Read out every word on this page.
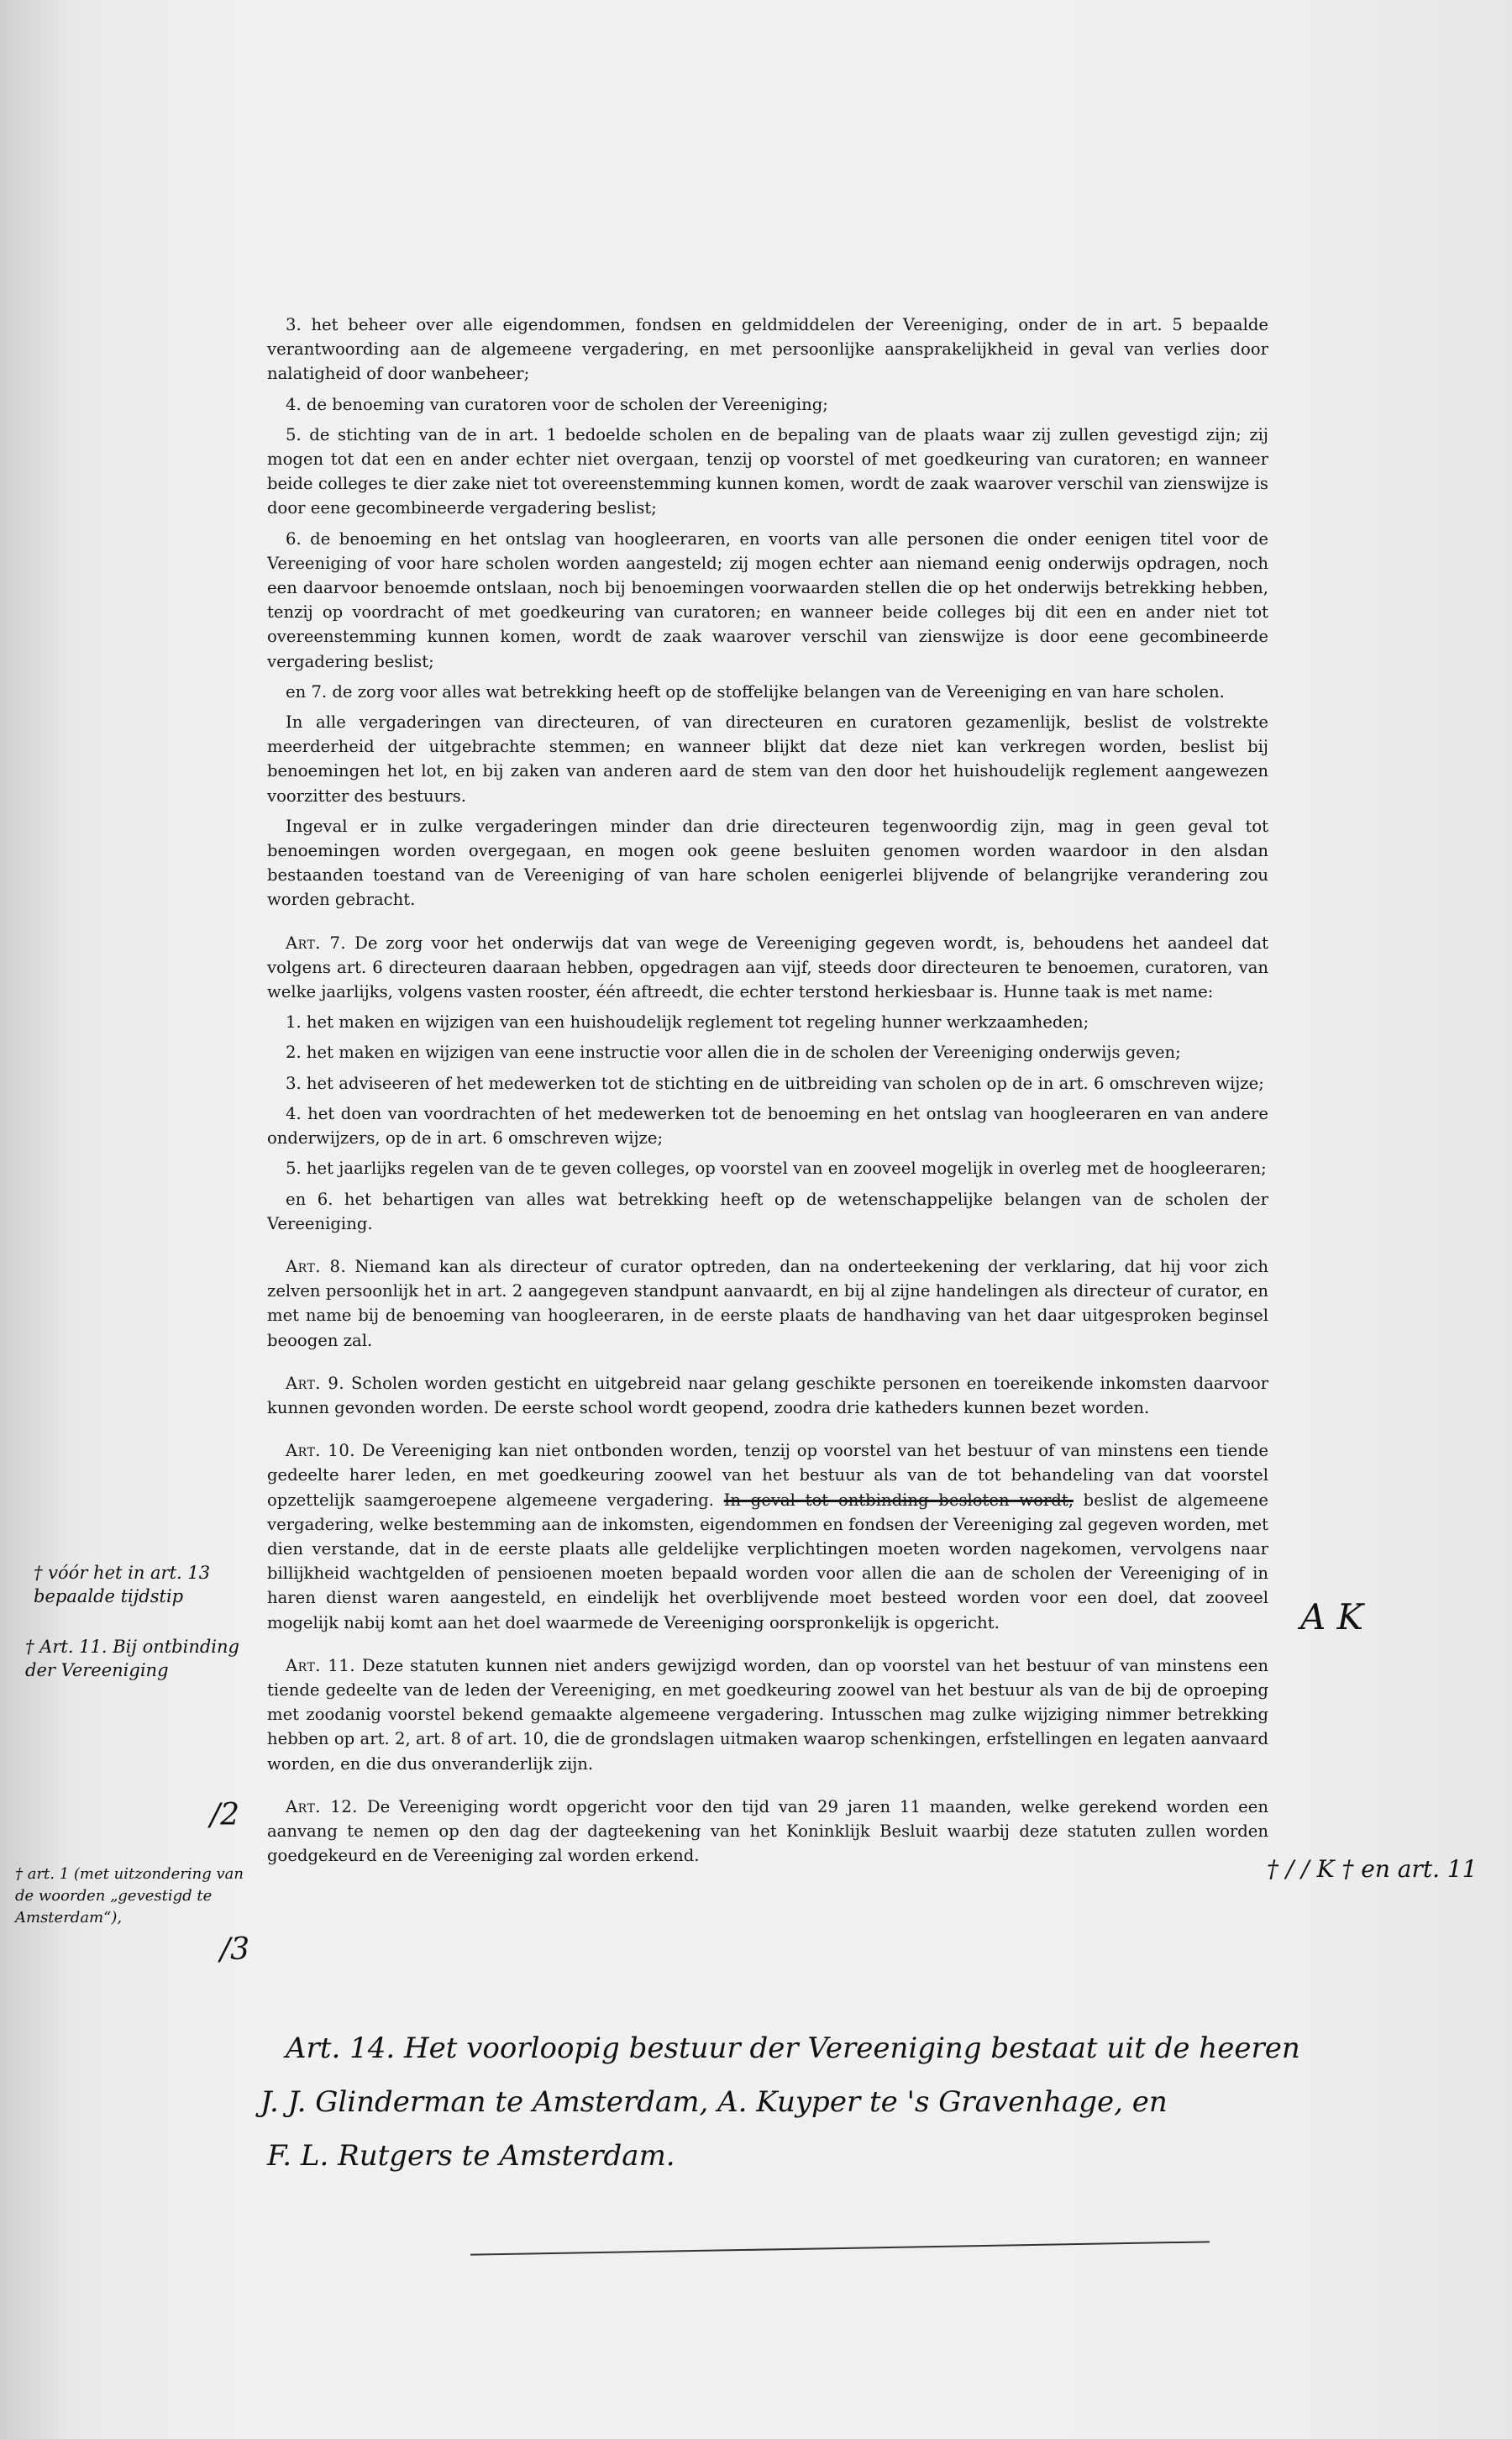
3. het beheer over alle eigendommen, fondsen en geldmiddelen der Vereeniging, onder de in art. 5 bepaalde verantwoording aan de algemeene vergadering, en met persoonlijke aansprakelijkheid in geval van verlies door nalatigheid of door wanbeheer;

4. de benoeming van curatoren voor de scholen der Vereeniging;

5. de stichting van de in art. 1 bedoelde scholen en de bepaling van de plaats waar zij zullen gevestigd zijn; zij mogen tot dat een en ander echter niet overgaan, tenzij op voorstel of met goedkeuring van curatoren; en wanneer beide colleges te dier zake niet tot overeenstemming kunnen komen, wordt de zaak waarover verschil van zienswijze is door eene gecombineerde vergadering beslist;

6. de benoeming en het ontslag van hoogleeraren, en voorts van alle personen die onder eenigen titel voor de Vereeniging of voor hare scholen worden aangesteld; zij mogen echter aan niemand eenig onderwijs opdragen, noch een daarvoor benoemde ontslaan, noch bij benoemingen voorwaarden stellen die op het onderwijs betrekking hebben, tenzij op voordracht of met goedkeuring van curatoren; en wanneer beide colleges bij dit een en ander niet tot overeenstemming kunnen komen, wordt de zaak waarover verschil van zienswijze is door eene gecombineerde vergadering beslist;

en 7. de zorg voor alles wat betrekking heeft op de stoffelijke belangen van de Vereeniging en van hare scholen.

In alle vergaderingen van directeuren, of van directeuren en curatoren gezamenlijk, beslist de volstrekte meerderheid der uitgebrachte stemmen; en wanneer blijkt dat deze niet kan verkregen worden, beslist bij benoemingen het lot, en bij zaken van anderen aard de stem van den door het huishoudelijk reglement aangewezen voorzitter des bestuurs.

Ingeval er in zulke vergaderingen minder dan drie directeuren tegenwoordig zijn, mag in geen geval tot benoemingen worden overgegaan, en mogen ook geene besluiten genomen worden waardoor in den alsdan bestaanden toestand van de Vereeniging of van hare scholen eenigerlei blijvende of belangrijke verandering zou worden gebracht.

Art. 7. De zorg voor het onderwijs dat van wege de Vereeniging gegeven wordt, is, behoudens het aandeel dat volgens art. 6 directeuren daaraan hebben, opgedragen aan vijf, steeds door directeuren te benoemen, curatoren, van welke jaarlijks, volgens vasten rooster, één aftreedt, die echter terstond herkiesbaar is. Hunne taak is met name:

1. het maken en wijzigen van een huishoudelijk reglement tot regeling hunner werkzaamheden;

2. het maken en wijzigen van eene instructie voor allen die in de scholen der Vereeniging onderwijs geven;

3. het adviseeren of het medewerken tot de stichting en de uitbreiding van scholen op de in art. 6 omschreven wijze;

4. het doen van voordrachten of het medewerken tot de benoeming en het ontslag van hoogleeraren en van andere onderwijzers, op de in art. 6 omschreven wijze;

5. het jaarlijks regelen van de te geven colleges, op voorstel van en zooveel mogelijk in overleg met de hoogleeraren;

en 6. het behartigen van alles wat betrekking heeft op de wetenschappelijke belangen van de scholen der Vereeniging.

Art. 8. Niemand kan als directeur of curator optreden, dan na onderteekening der verklaring, dat hij voor zich zelven persoonlijk het in art. 2 aangegeven standpunt aanvaardt, en bij al zijne handelingen als directeur of curator, en met name bij de benoeming van hoogleeraren, in de eerste plaats de handhaving van het daar uitgesproken beginsel beoogen zal.

Art. 9. Scholen worden gesticht en uitgebreid naar gelang geschikte personen en toereikende inkomsten daarvoor kunnen gevonden worden. De eerste school wordt geopend, zoodra drie katheders kunnen bezet worden.

Art. 10. De Vereeniging kan niet ontbonden worden, tenzij op voorstel van het bestuur of van minstens een tiende gedeelte harer leden, en met goedkeuring zoowel van het bestuur als van de tot behandeling van dat voorstel opzettelijk saamgeroepene algemeene vergadering. In geval tot ontbinding besloten wordt, beslist de algemeene vergadering, welke bestemming aan de inkomsten, eigendommen en fondsen der Vereeniging zal gegeven worden, met dien verstande, dat in de eerste plaats alle geldelijke verplichtingen moeten worden nagekomen, vervolgens naar billijkheid wachtgelden of pensioenen moeten bepaald worden voor allen die aan de scholen der Vereeniging of in haren dienst waren aangesteld, en eindelijk het overblijvende moet besteed worden voor een doel, dat zooveel mogelijk nabij komt aan het doel waarmede de Vereeniging oorspronkelijk is opgericht.

Art. 11. Deze statuten kunnen niet anders gewijzigd worden, dan op voorstel van het bestuur of van minstens een tiende gedeelte van de leden der Vereeniging, en met goedkeuring zoowel van het bestuur als van de bij de oproeping met zoodanig voorstel bekend gemaakte algemeene vergadering. Intusschen mag zulke wijziging nimmer betrekking hebben op art. 2, art. 8 of art. 10, die de grondslagen uitmaken waarop schenkingen, erfstellingen en legaten aanvaard worden, en die dus onveranderlijk zijn.

Art. 12. De Vereeniging wordt opgericht voor den tijd van 29 jaren 11 maanden, welke gerekend worden een aanvang te nemen op den dag der dagteekening van het Koninklijk Besluit waarbij deze statuten zullen worden goedgekeurd en de Vereeniging zal worden erkend.

† vóór het in art. 13 bepaalde tijdstip
† Art. 11. Bij ontbinding der Vereeniging
/2
/3
† art. 1 (met uitzondering van de woorden „gevestigd te Amsterdam“),
A K
† / / K † en art. 11
Art. 14. Het voorloopig bestuur der Vereeniging bestaat uit de heeren
J. J. Glinderman te Amsterdam, A. Kuyper te 's Gravenhage, en
F. L. Rutgers te Amsterdam.
